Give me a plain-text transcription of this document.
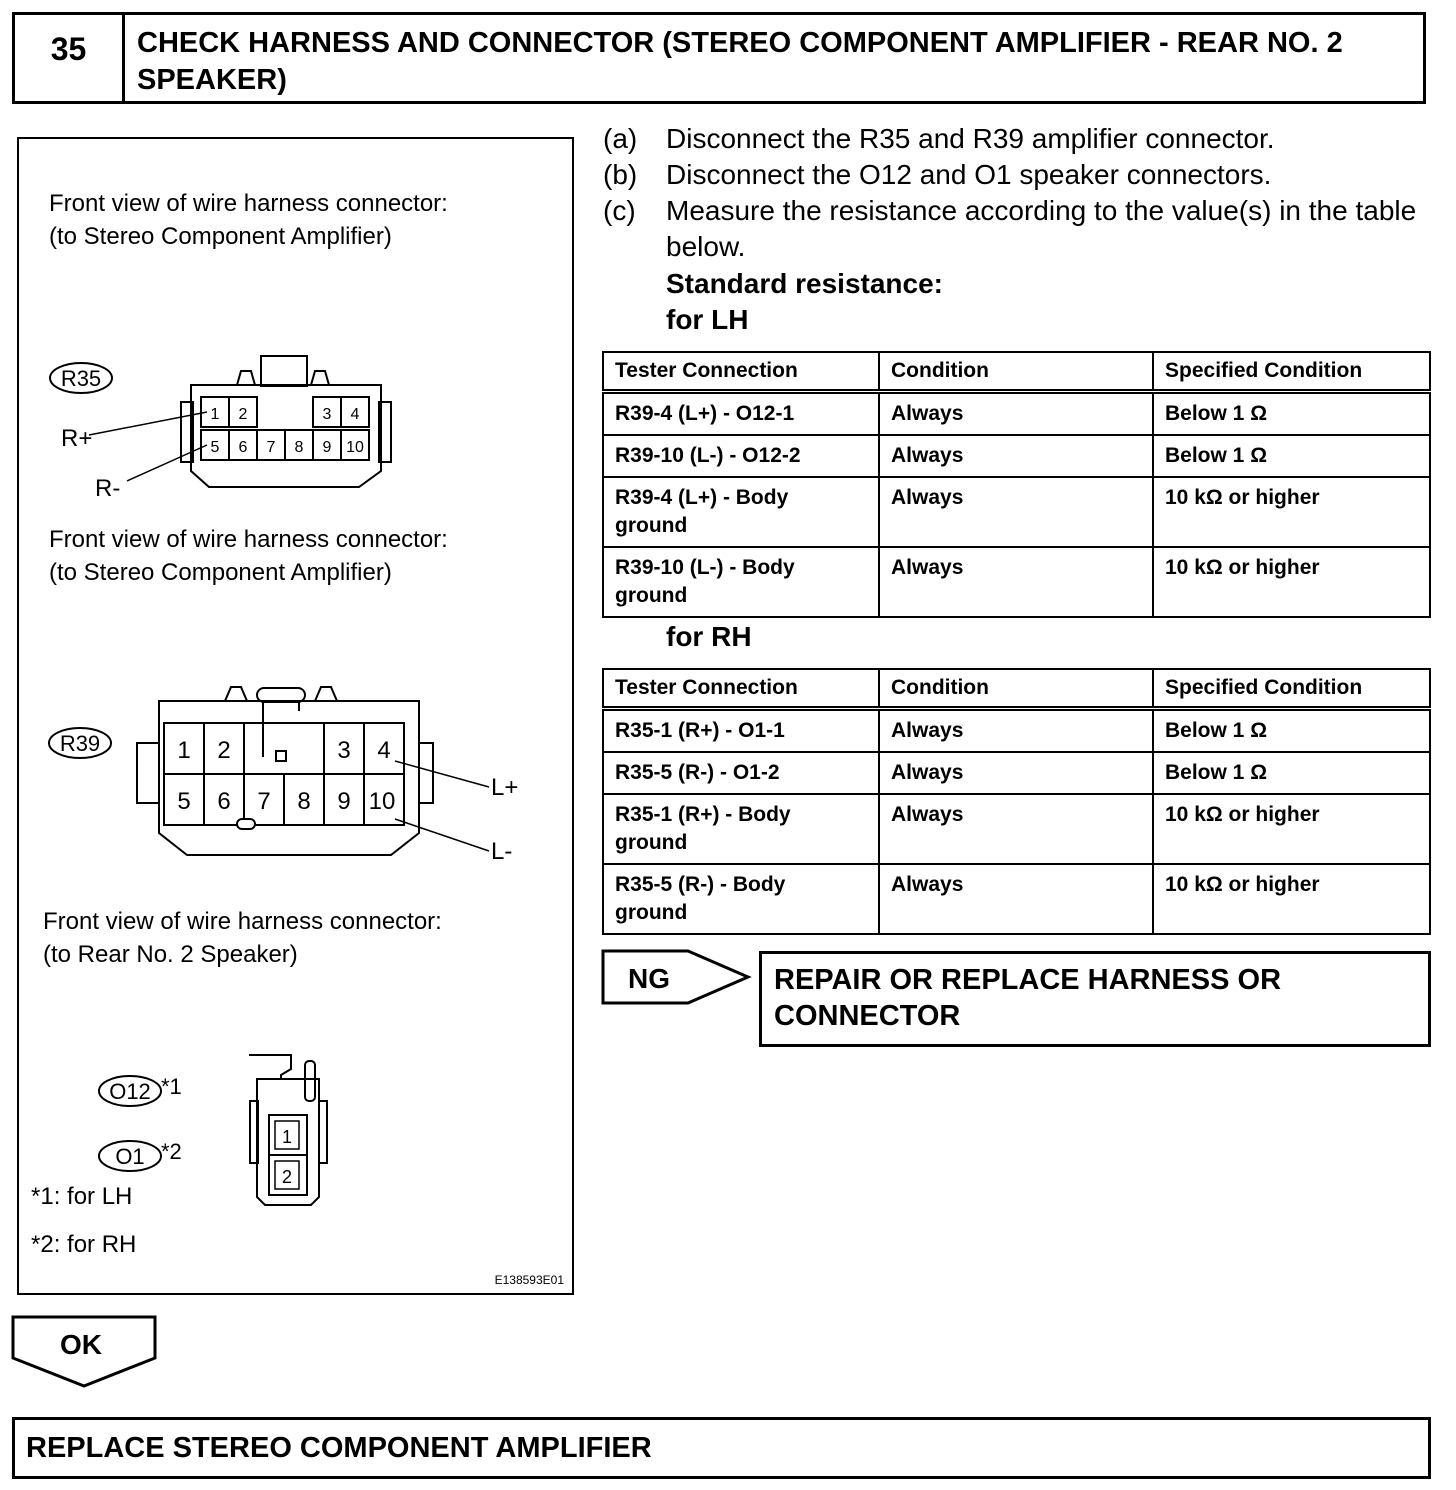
35	CHECK HARNESS AND CONNECTOR (STEREO COMPONENT AMPLIFIER - REAR NO. 2 SPEAKER)
Front view of wire harness connector:
(to Stereo Component Amplifier)
Front view of wire harness connector:
(to Stereo Component Amplifier)
Front view of wire harness connector:
(to Rear No. 2 Speaker)
R35
1 2	3 4
5 6 7 8 9 10
R+
R-
R39	1 2	3 4
5 6 7 8 9 10
L+
L-
O12 *1
O1 *2
1
2
*1: for LH
*2: for RH
E138593E01
(a) Disconnect the R35 and R39 amplifier connector.
(b) Disconnect the O12 and O1 speaker connectors.
(c) Measure the resistance according to the value(s) in the table below.
Standard resistance:
for LH
Tester Connection	Condition	Specified Condition
R39-4 (L+) - O12-1	Always	Below 1 Ω
R39-10 (L-) - O12-2	Always	Below 1 Ω
R39-4 (L+) - Body ground	Always	10 kΩ or higher
R39-10 (L-) - Body ground	Always	10 kΩ or higher
for RH
Tester Connection	Condition	Specified Condition
R35-1 (R+) - O1-1	Always	Below 1 Ω
R35-5 (R-) - O1-2	Always	Below 1 Ω
R35-1 (R+) - Body ground	Always	10 kΩ or higher
R35-5 (R-) - Body ground	Always	10 kΩ or higher
NG	REPAIR OR REPLACE HARNESS OR CONNECTOR
OK
REPLACE STEREO COMPONENT AMPLIFIER
